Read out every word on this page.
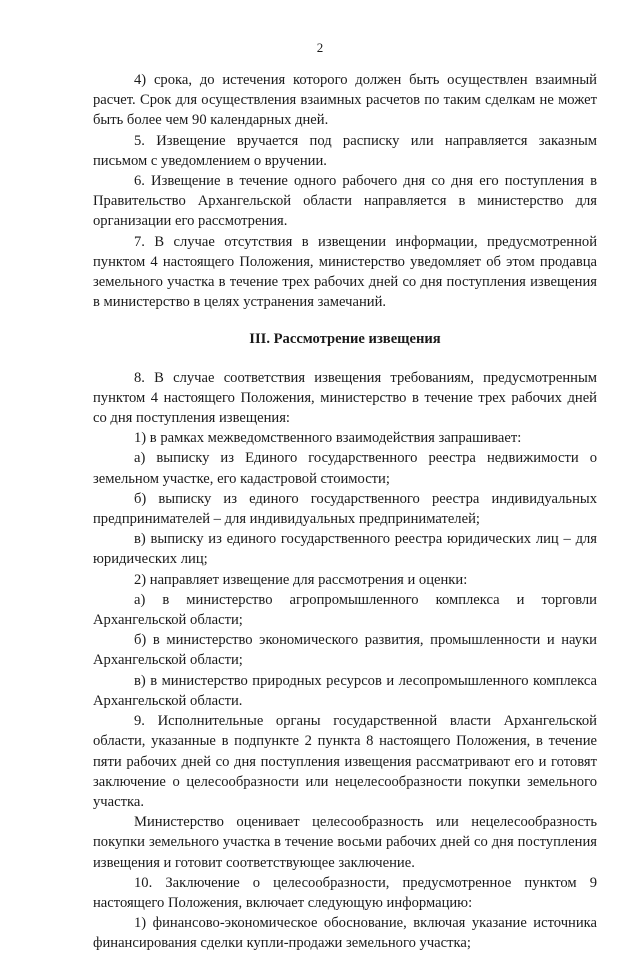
2

4) срока, до истечения которого должен быть осуществлен взаимный расчет. Срок для осуществления взаимных расчетов по таким сделкам не может быть более чем 90 календарных дней.

5. Извещение вручается под расписку или направляется заказным письмом с уведомлением о вручении.

6. Извещение в течение одного рабочего дня со дня его поступления в Правительство Архангельской области направляется в министерство для организации его рассмотрения.

7. В случае отсутствия в извещении информации, предусмотренной пунктом 4 настоящего Положения, министерство уведомляет об этом продавца земельного участка в течение трех рабочих дней со дня поступления извещения в министерство в целях устранения замечаний.

III. Рассмотрение извещения

8. В случае соответствия извещения требованиям, предусмотренным пунктом 4 настоящего Положения, министерство в течение трех рабочих дней со дня поступления извещения:

1) в рамках межведомственного взаимодействия запрашивает:

а) выписку из Единого государственного реестра недвижимости о земельном участке, его кадастровой стоимости;

б) выписку из единого государственного реестра индивидуальных предпринимателей – для индивидуальных предпринимателей;

в) выписку из единого государственного реестра юридических лиц – для юридических лиц;

2) направляет извещение для рассмотрения и оценки:

а) в министерство агропромышленного комплекса и торговли Архангельской области;

б) в министерство экономического развития, промышленности и науки Архангельской области;

в) в министерство природных ресурсов и лесопромышленного комплекса Архангельской области.

9. Исполнительные органы государственной власти Архангельской области, указанные в подпункте 2 пункта 8 настоящего Положения, в течение пяти рабочих дней со дня поступления извещения рассматривают его и готовят заключение о целесообразности или нецелесообразности покупки земельного участка.

Министерство оценивает целесообразность или нецелесообразность покупки земельного участка в течение восьми рабочих дней со дня поступления извещения и готовит соответствующее заключение.

10. Заключение о целесообразности, предусмотренное пунктом 9 настоящего Положения, включает следующую информацию:

1) финансово-экономическое обоснование, включая указание источника финансирования сделки купли-продажи земельного участка;
